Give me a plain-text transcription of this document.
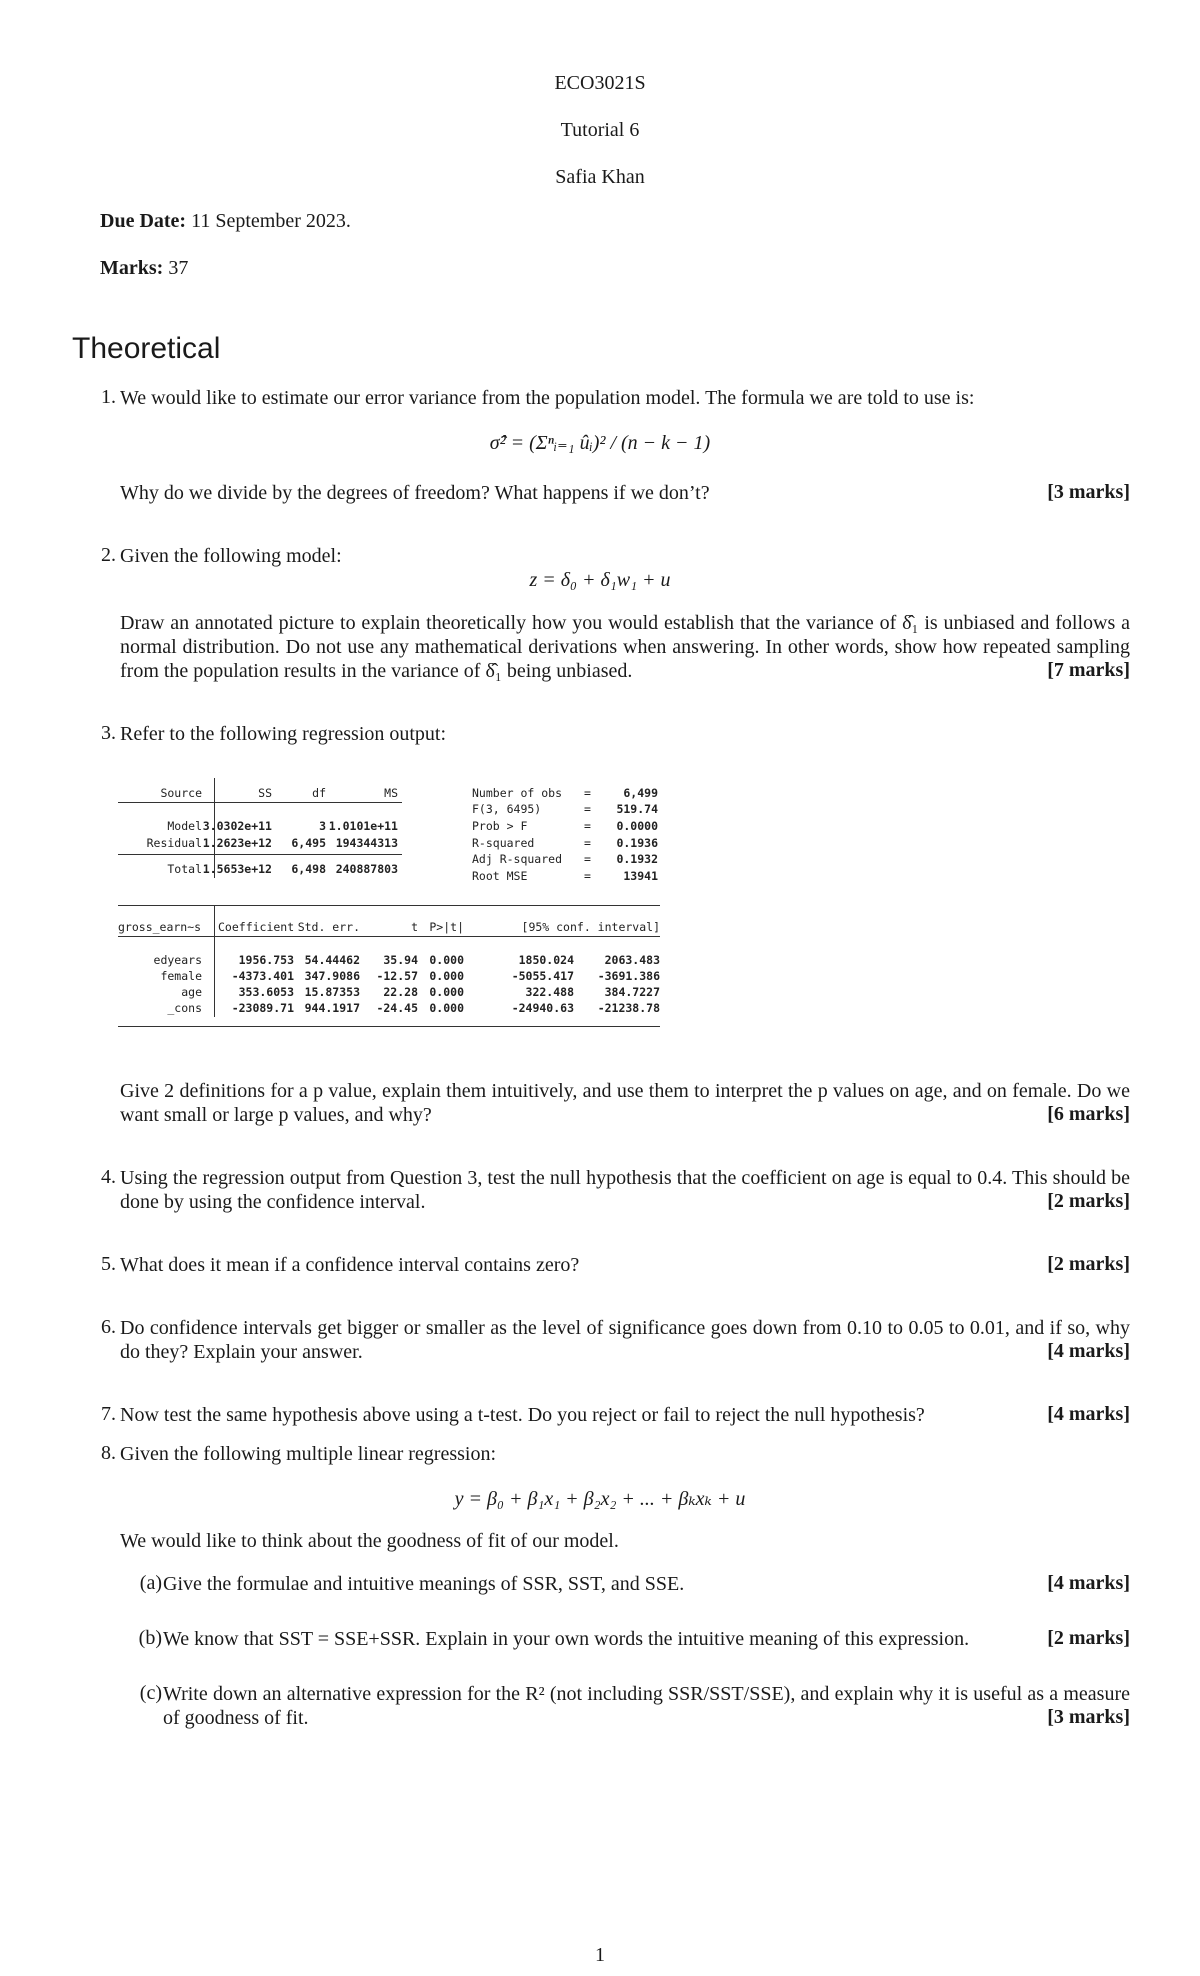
ECO3021S
Tutorial 6
Safia Khan
Due Date: 11 September 2023.
Marks: 37
Theoretical
1. We would like to estimate our error variance from the population model. The formula we are told to use is:
σ̂² = (Σⁿᵢ₌₁ ûᵢ)² / (n − k − 1)
Why do we divide by the degrees of freedom? What happens if we don’t?	[3 marks]
2. Given the following model:
z = δ₀ + δ₁w₁ + u
Draw an annotated picture to explain theoretically how you would establish that the variance of δ̂₁ is unbiased and follows a normal distribution. Do not use any mathematical derivations when answering. In other words, show how repeated sampling from the population results in the variance of δ̂₁ being unbiased.	[7 marks]
3. Refer to the following regression output:
Source	SS	df	MS
Model 3.0302e+11	3 1.0101e+11
Residual 1.2623e+12	6,495 194344313
Total 1.5653e+12	6,498 240887803
Number of obs =	6,499
F(3, 6495)	=	519.74
Prob > F	=	0.0000
R-squared	=	0.1936
Adj R-squared =	0.1932
Root MSE	=	13941
gross_earn~s Coefficient Std. err.	t P>|t|	[95% conf. interval]
edyears	1956.753 54.44462	35.94 0.000	1850.024	2063.483
female	-4373.401 347.9086	-12.57 0.000	-5055.417	-3691.386
age	353.6053 15.87353	22.28 0.000	322.488	384.7227
_cons	-23089.71 944.1917	-24.45 0.000	-24940.63	-21238.78
Give 2 definitions for a p value, explain them intuitively, and use them to interpret the p values on age, and on female. Do we want small or large p values, and why?	[6 marks]
4. Using the regression output from Question 3, test the null hypothesis that the coefficient on age is equal to 0.4. This should be done by using the confidence interval.	[2 marks]
5. What does it mean if a confidence interval contains zero?	[2 marks]
6. Do confidence intervals get bigger or smaller as the level of significance goes down from 0.10 to 0.05 to 0.01, and if so, why do they? Explain your answer.	[4 marks]
7. Now test the same hypothesis above using a t-test. Do you reject or fail to reject the null hypothesis?	[4 marks]
8. Given the following multiple linear regression:
y = β₀ + β₁x₁ + β₂x₂ + ... + βₖxₖ + u
We would like to think about the goodness of fit of our model.
(a) Give the formulae and intuitive meanings of SSR, SST, and SSE.	[4 marks]
(b) We know that SST = SSE+SSR. Explain in your own words the intuitive meaning of this expression.	[2 marks]
(c) Write down an alternative expression for the R² (not including SSR/SST/SSE), and explain why it is useful as a measure of goodness of fit.	[3 marks]
1
